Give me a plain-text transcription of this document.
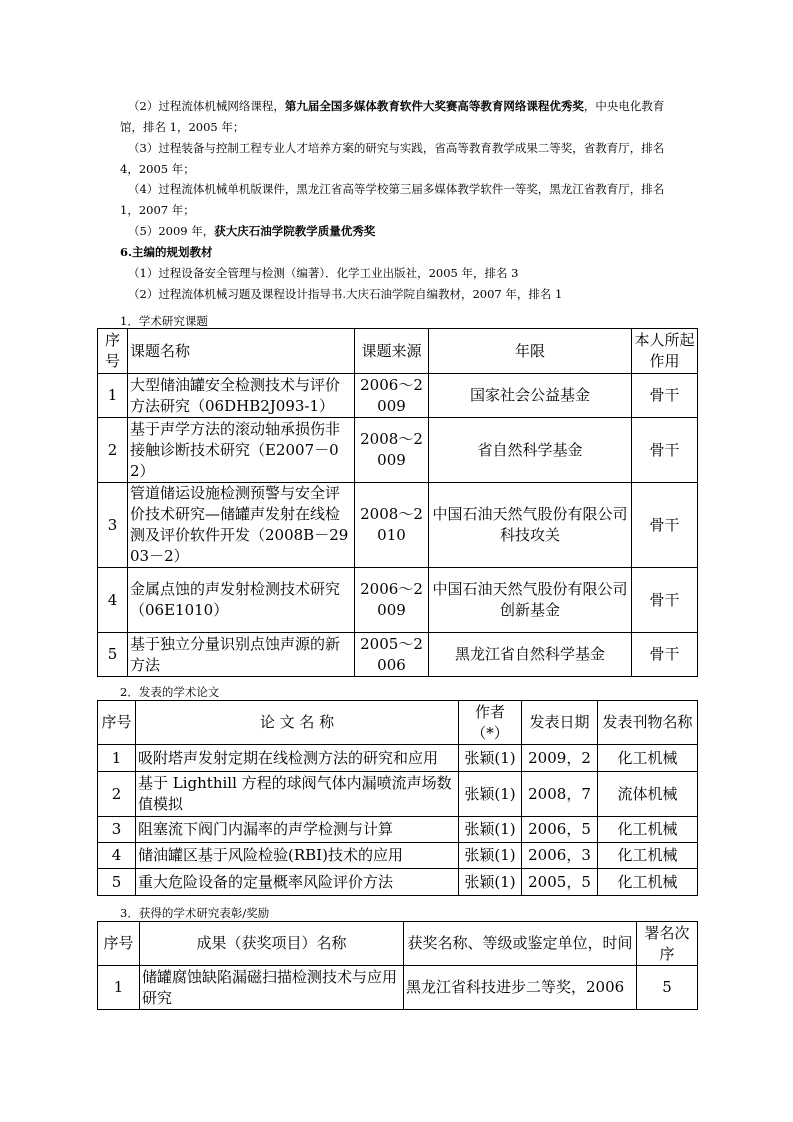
（2）过程流体机械网络课程，第九届全国多媒体教育软件大奖赛高等教育网络课程优秀奖，中央电化教育
馆，排名 1，2005 年；
（3）过程装备与控制工程专业人才培养方案的研究与实践，省高等教育教学成果二等奖，省教育厅，排名
4，2005 年；
（4）过程流体机械单机版课件，黑龙江省高等学校第三届多媒体教学软件一等奖，黑龙江省教育厅，排名
1，2007 年；
（5）2009 年，获大庆石油学院教学质量优秀奖
6.主编的规划教材
（1）过程设备安全管理与检测（编著）．化学工业出版社，2005 年，排名 3
（2）过程流体机械习题及课程设计指导书.大庆石油学院自编教材，2007 年，排名 1
1．学术研究课题
序号	课题名称	课题来源	年限	本人所起作用
1	大型储油罐安全检测技术与评价方法研究（06DHB2J093-1）	2006～2009	国家社会公益基金	骨干
2	基于声学方法的滚动轴承损伤非接触诊断技术研究（E2007－02）	2008～2009	省自然科学基金	骨干
3	管道储运设施检测预警与安全评价技术研究—储罐声发射在线检测及评价软件开发（2008B－2903－2）	2008～2010	中国石油天然气股份有限公司科技攻关	骨干
4	金属点蚀的声发射检测技术研究（06E1010）	2006～2009	中国石油天然气股份有限公司创新基金	骨干
5	基于独立分量识别点蚀声源的新方法	2005～2006	黑龙江省自然科学基金	骨干
2．发表的学术论文
序号	论 文 名 称	作者（*）	发表日期	发表刊物名称
1	吸附塔声发射定期在线检测方法的研究和应用	张颖(1)	2009，2	化工机械
2	基于 Lighthill 方程的球阀气体内漏喷流声场数值模拟	张颖(1)	2008，7	流体机械
3	阻塞流下阀门内漏率的声学检测与计算	张颖(1)	2006，5	化工机械
4	储油罐区基于风险检验(RBI)技术的应用	张颖(1)	2006，3	化工机械
5	重大危险设备的定量概率风险评价方法	张颖(1)	2005，5	化工机械
3．获得的学术研究表彰/奖励
序号	成果（获奖项目）名称	获奖名称、等级或鉴定单位，时间	署名次序
1	储罐腐蚀缺陷漏磁扫描检测技术与应用研究	黑龙江省科技进步二等奖，2006	5
